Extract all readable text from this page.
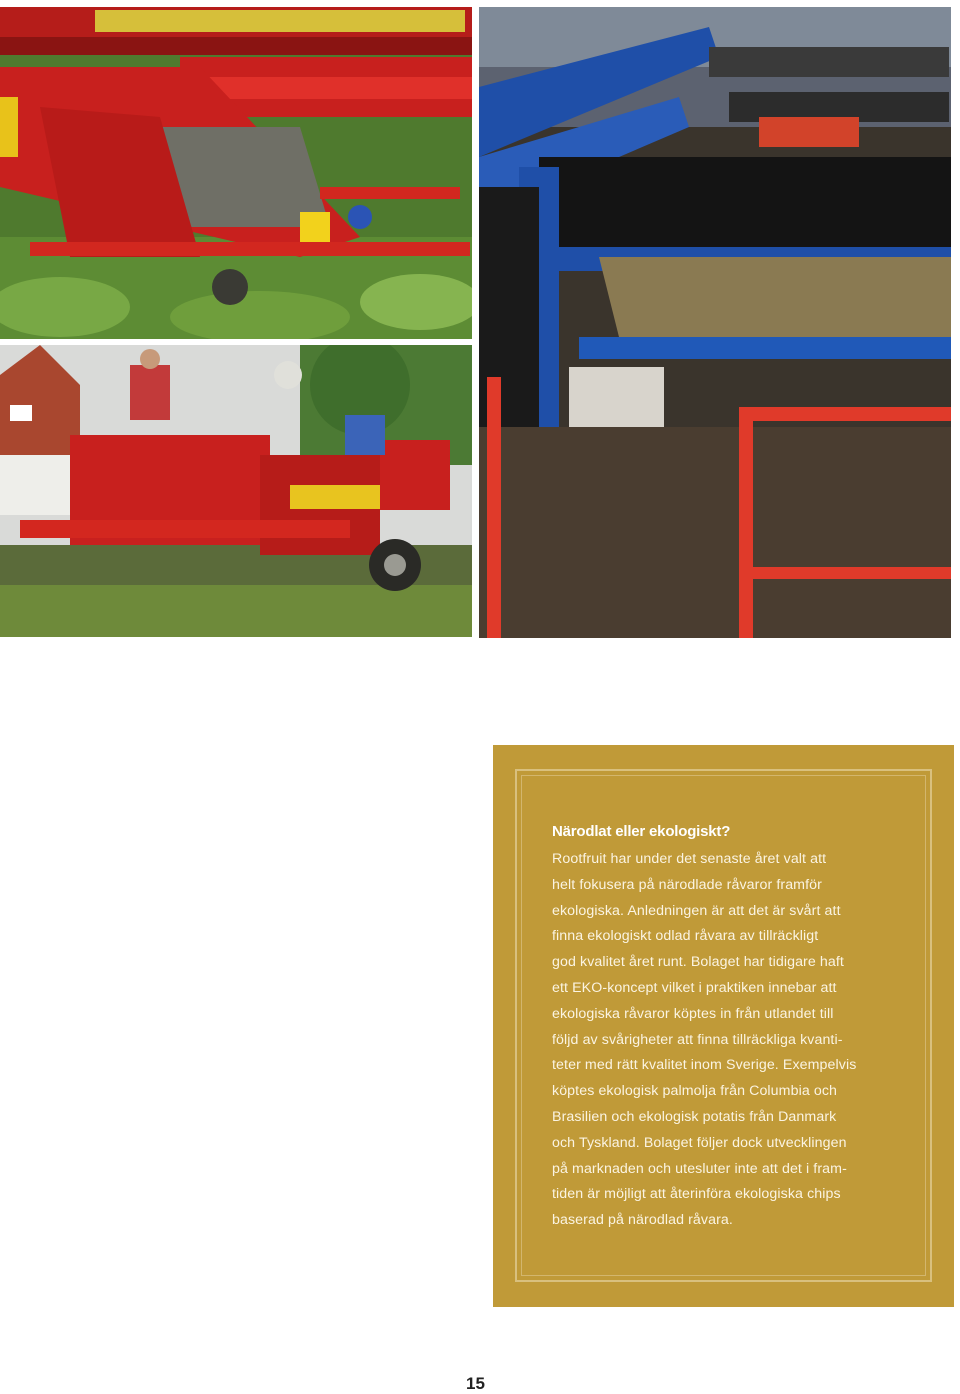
Närodlat eller ekologiskt?

Rootfruit har under det senaste året valt att
helt fokusera på närodlade råvaror framför
ekologiska. Anledningen är att det är svårt att
finna ekologiskt odlad råvara av tillräckligt
god kvalitet året runt. Bolaget har tidigare haft
ett EKO-koncept vilket i praktiken innebar att
ekologiska råvaror köptes in från utlandet till
följd av svårigheter att finna tillräckliga kvanti-
teter med rätt kvalitet inom Sverige. Exempelvis
köptes ekologisk palmolja från Columbia och
Brasilien och ekologisk potatis från Danmark
och Tyskland. Bolaget följer dock utvecklingen
på marknaden och utesluter inte att det i fram-
tiden är möjligt att återinföra ekologiska chips
baserad på närodlad råvara.

15
